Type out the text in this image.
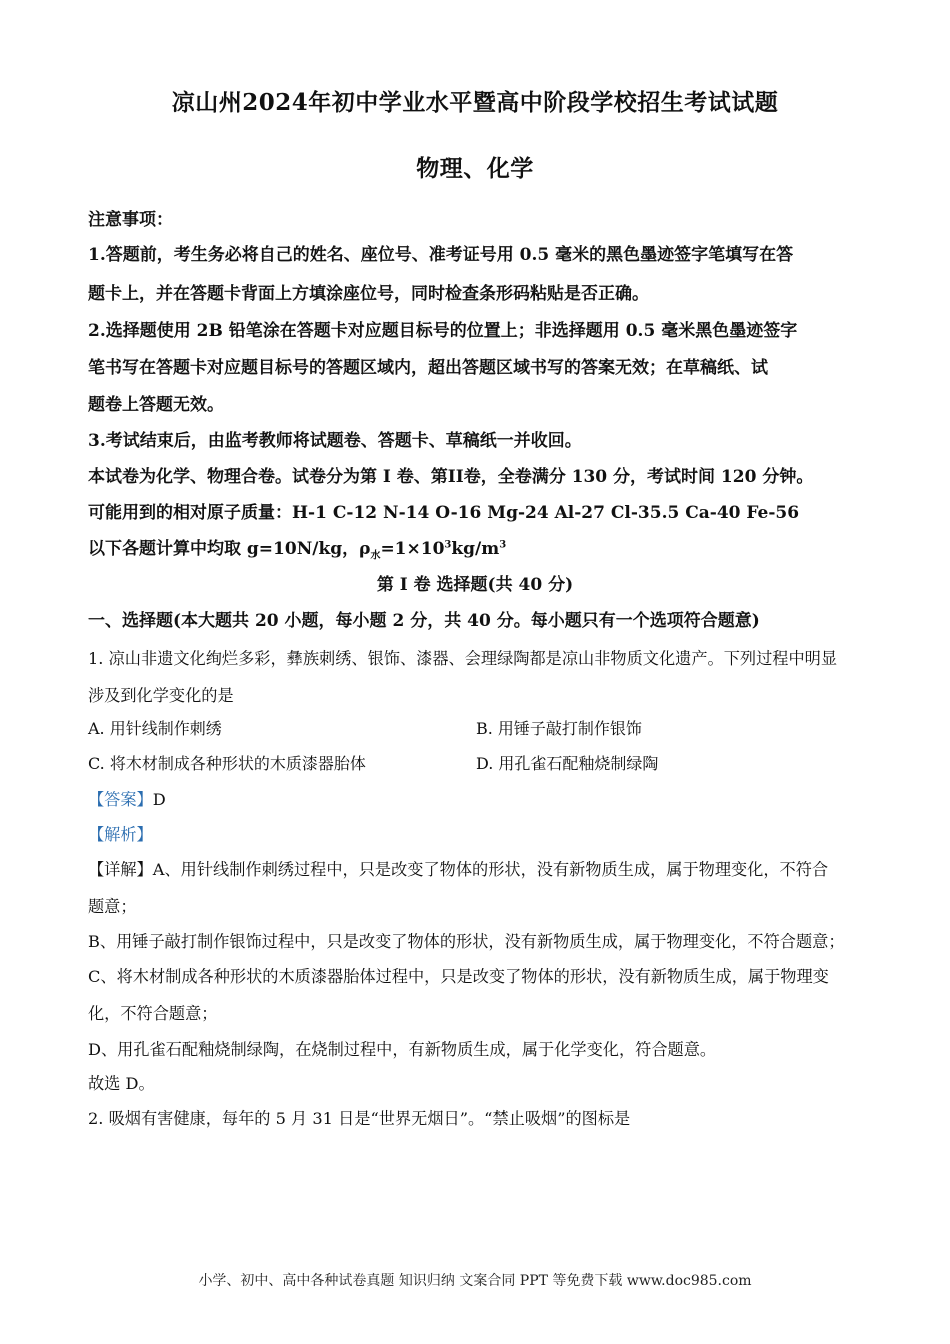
凉山州2024年初中学业水平暨高中阶段学校招生考试试题
物理、化学
注意事项：
1.答题前，考生务必将自己的姓名、座位号、准考证号用 0.5 毫米的黑色墨迹签字笔填写在答
题卡上，并在答题卡背面上方填涂座位号，同时检查条形码粘贴是否正确。
2.选择题使用 2B 铅笔涂在答题卡对应题目标号的位置上；非选择题用 0.5 毫米黑色墨迹签字
笔书写在答题卡对应题目标号的答题区域内，超出答题区域书写的答案无效；在草稿纸、试
题卷上答题无效。
3.考试结束后，由监考教师将试题卷、答题卡、草稿纸一并收回。
本试卷为化学、物理合卷。试卷分为第 I 卷、第II卷，全卷满分 130 分，考试时间 120 分钟。
可能用到的相对原子质量：H-1 C-12 N-14 O-16 Mg-24 Al-27 Cl-35.5 Ca-40 Fe-56
以下各题计算中均取 g=10N/kg，$\rho_水=1\times 10^3kg/m^3$
第 I 卷 选择题(共 40 分)
一、选择题(本大题共 20 小题，每小题 2 分，共 40 分。每小题只有一个选项符合题意)
1. 凉山非遗文化绚烂多彩，彝族刺绣、银饰、漆器、会理绿陶都是凉山非物质文化遗产。下列过程中明显
涉及到化学变化的是
A. 用针线制作刺绣	B. 用锤子敲打制作银饰
C. 将木材制成各种形状的木质漆器胎体	D. 用孔雀石配釉烧制绿陶
【答案】D
【解析】
【详解】A、用针线制作刺绣过程中，只是改变了物体的形状，没有新物质生成，属于物理变化，不符合
题意；
B、用锤子敲打制作银饰过程中，只是改变了物体的形状，没有新物质生成，属于物理变化，不符合题意；
C、将木材制成各种形状的木质漆器胎体过程中，只是改变了物体的形状，没有新物质生成，属于物理变
化，不符合题意；
D、用孔雀石配釉烧制绿陶，在烧制过程中，有新物质生成，属于化学变化，符合题意。
故选 D。
2. 吸烟有害健康，每年的 5 月 31 日是“世界无烟日”。“禁止吸烟”的图标是
小学、初中、高中各种试卷真题 知识归纳 文案合同 PPT 等免费下载 www.doc985.com
